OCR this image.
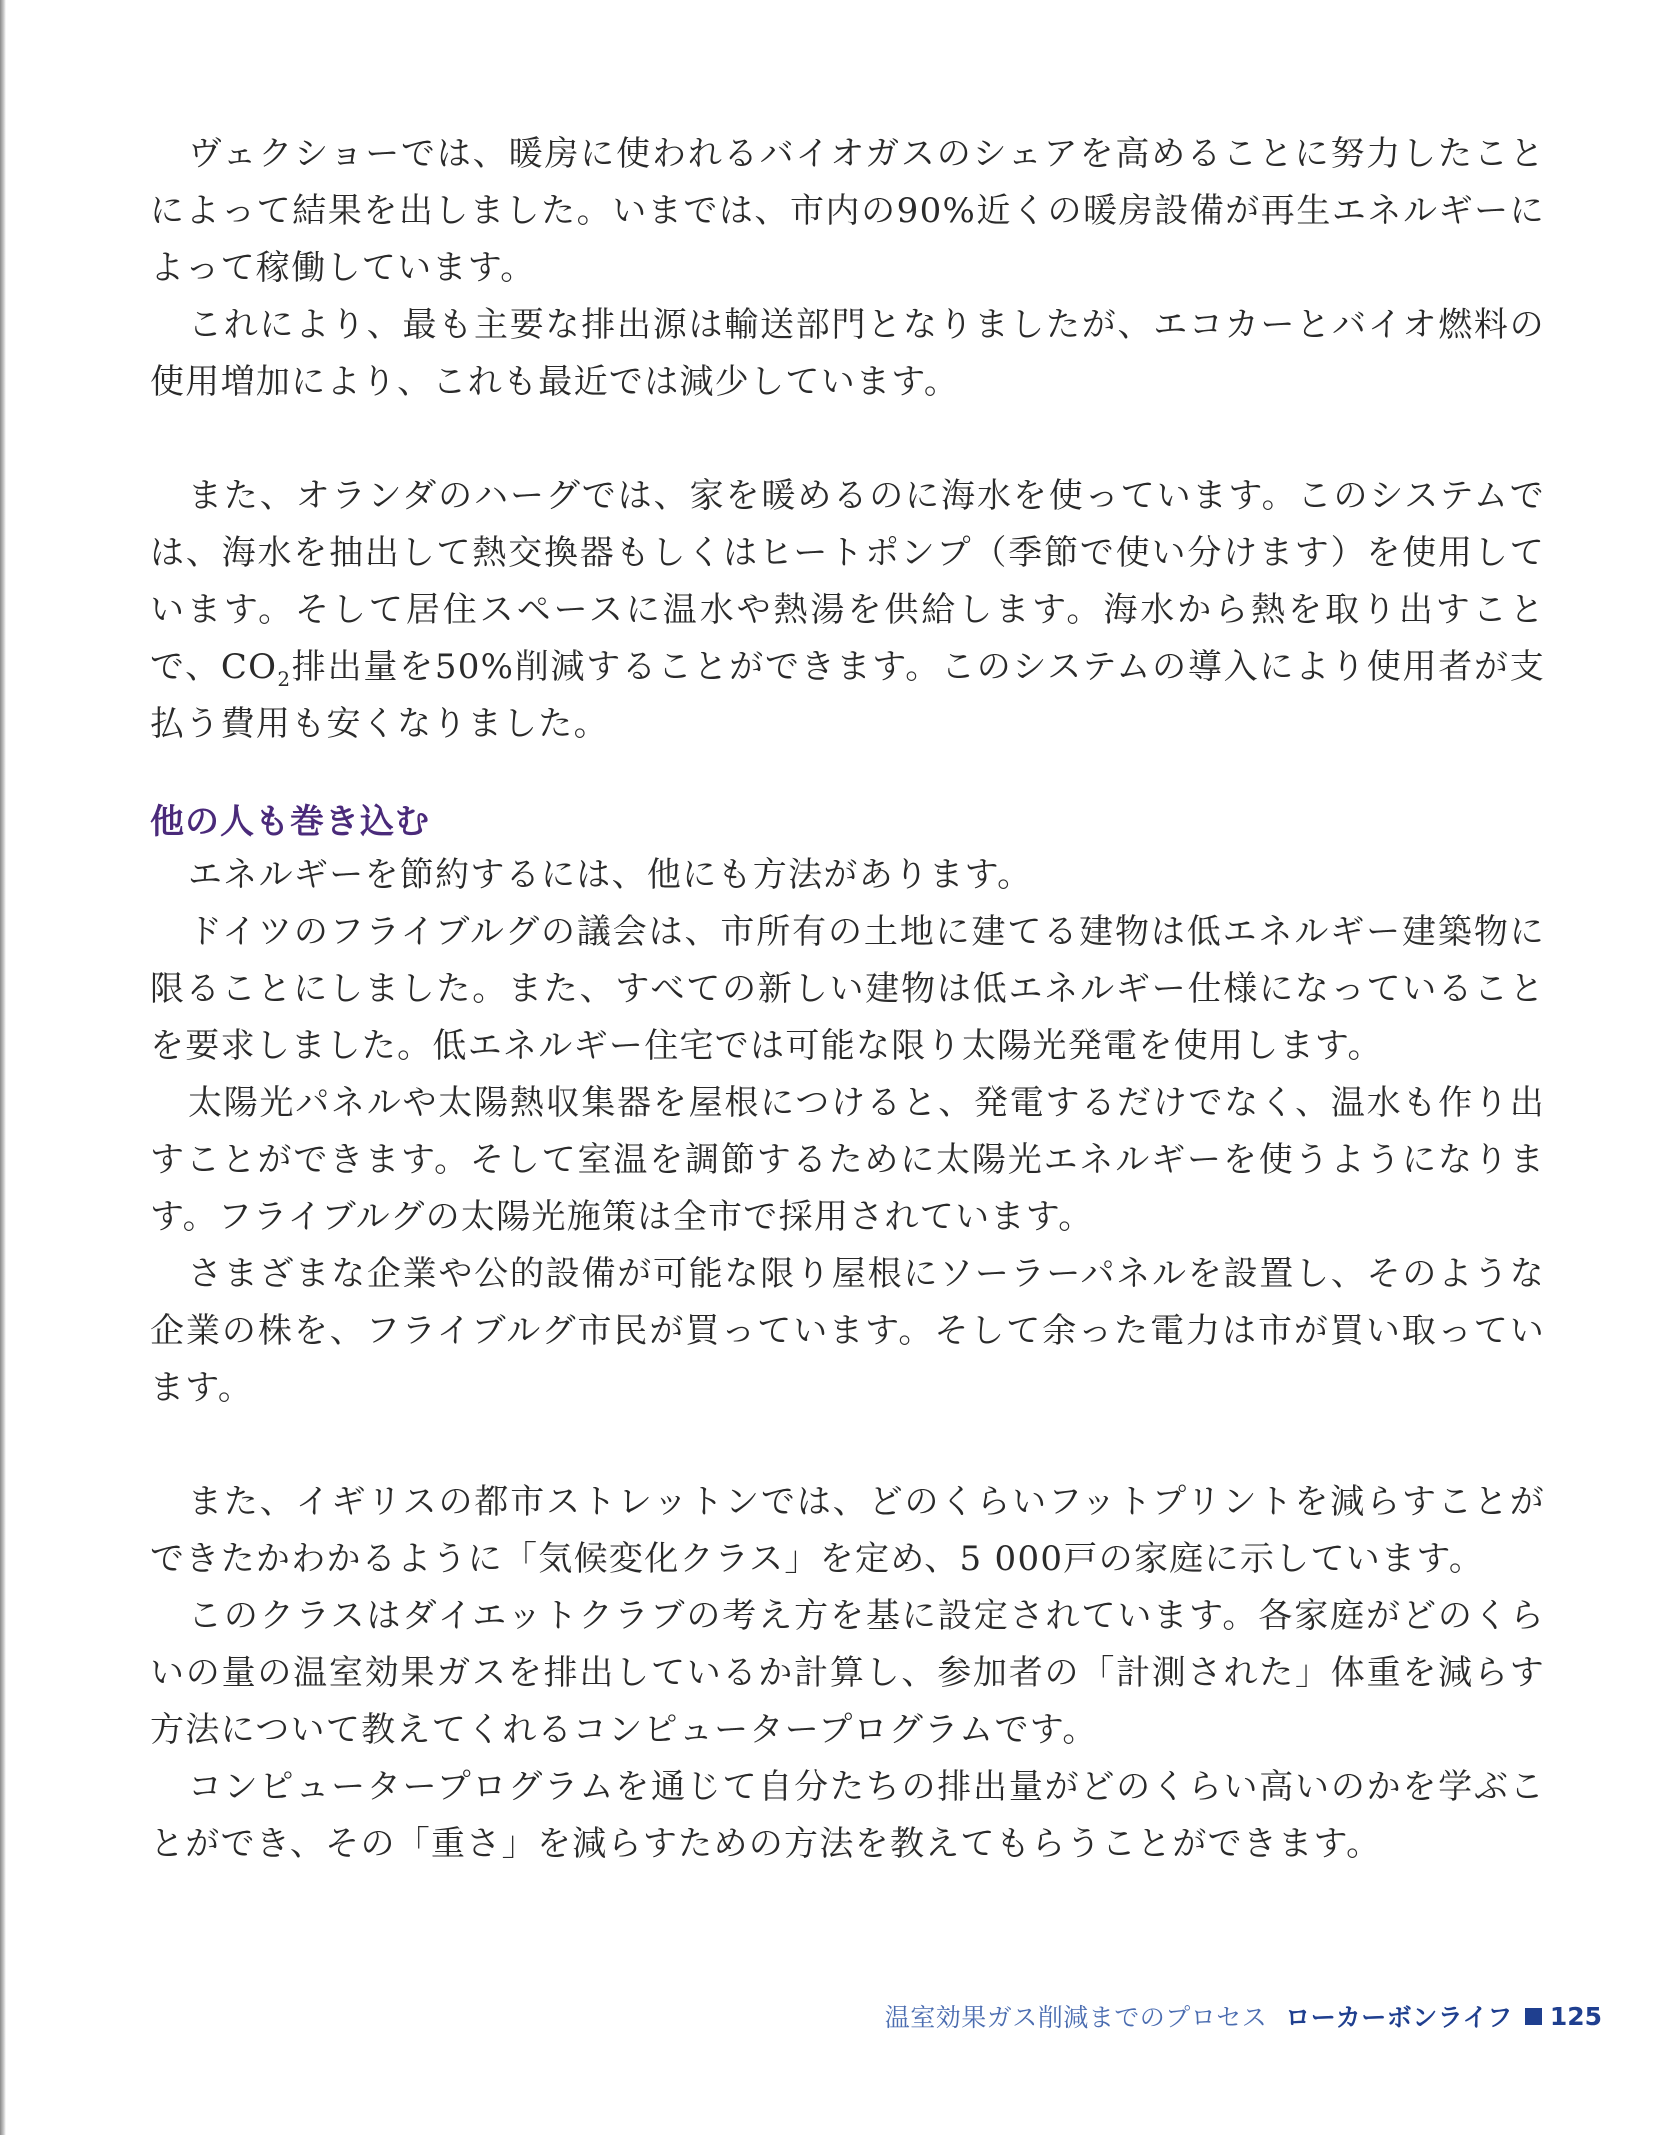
ヴェクショーでは、暖房に使われるバイオガスのシェアを高めることに努力したことによって結果を出しました。いまでは、市内の90%近くの暖房設備が再生エネルギーによって稼働しています。

これにより、最も主要な排出源は輸送部門となりましたが、エコカーとバイオ燃料の使用増加により、これも最近では減少しています。

また、オランダのハーグでは、家を暖めるのに海水を使っています。このシステムでは、海水を抽出して熱交換器もしくはヒートポンプ（季節で使い分けます）を使用しています。そして居住スペースに温水や熱湯を供給します。海水から熱を取り出すことで、$CO_2$排出量を50%削減することができます。このシステムの導入により使用者が支払う費用も安くなりました。

他の人も巻き込む

エネルギーを節約するには、他にも方法があります。

ドイツのフライブルグの議会は、市所有の土地に建てる建物は低エネルギー建築物に限ることにしました。また、すべての新しい建物は低エネルギー仕様になっていることを要求しました。低エネルギー住宅では可能な限り太陽光発電を使用します。

太陽光パネルや太陽熱収集器を屋根につけると、発電するだけでなく、温水も作り出すことができます。そして室温を調節するために太陽光エネルギーを使うようになります。フライブルグの太陽光施策は全市で採用されています。

さまざまな企業や公的設備が可能な限り屋根にソーラーパネルを設置し、そのような企業の株を、フライブルグ市民が買っています。そして余った電力は市が買い取っています。

また、イギリスの都市ストレットンでは、どのくらいフットプリントを減らすことができたかわかるように「気候変化クラス」を定め、5 000戸の家庭に示しています。

このクラスはダイエットクラブの考え方を基に設定されています。各家庭がどのくらいの量の温室効果ガスを排出しているか計算し、参加者の「計測された」体重を減らす方法について教えてくれるコンピュータープログラムです。

コンピュータープログラムを通じて自分たちの排出量がどのくらい高いのかを学ぶことができ、その「重さ」を減らすための方法を教えてもらうことができます。

温室効果ガス削減までのプロセス ローカーボンライフ 125
